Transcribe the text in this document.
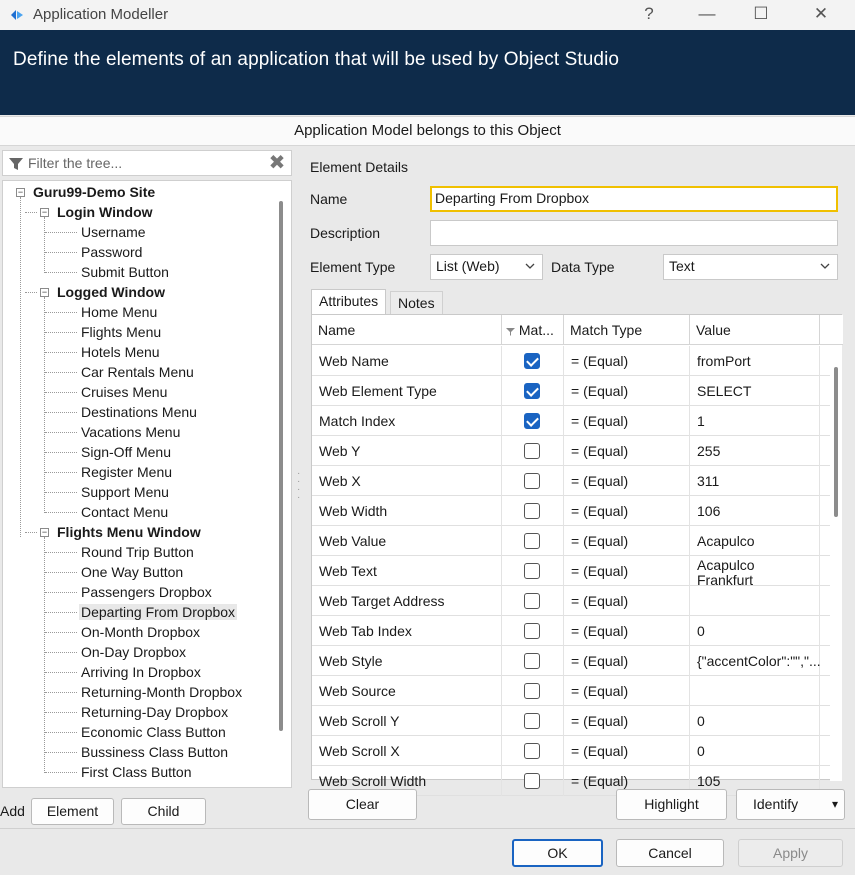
Application Modeller	?	—	☐	✕
Define the elements of an application that will be used by Object Studio
Application Model belongs to this Object
Filter the tree...
✖
− Guru99-Demo Site
− Login Window
Username
Password
Submit Button
− Logged Window
Home Menu
Flights Menu
Hotels Menu
Car Rentals Menu
Cruises Menu
Destinations Menu
Vacations Menu
Sign-Off Menu
Register Menu
Support Menu
Contact Menu
− Flights Menu Window
Round Trip Button
One Way Button
Passengers Dropbox
Departing From Dropbox
On-Month Dropbox
On-Day Dropbox
Arriving In Dropbox
Returning-Month Dropbox
Returning-Day Dropbox
Economic Class Button
Bussiness Class Button
First Class Button
Add	Element	Child
·
·
·
·
Element Details
Name	Departing From Dropbox
Description
Element Type	List (Web)	Data Type	Text
Attributes	Notes
Name	Mat...	Match Type	Value
Web Name	= (Equal)	fromPort
Web Element Type	= (Equal)	SELECT
Match Index	= (Equal)	1
Web Y	= (Equal)	255
Web X	= (Equal)	311
Web Width	= (Equal)	106
Web Value	= (Equal)	Acapulco
Web Text	= (Equal)	Acapulco
Frankfurt
Web Target Address	= (Equal)
Web Tab Index	= (Equal)	0
Web Style	= (Equal)	{"accentColor":"","...
Web Source	= (Equal)
Web Scroll Y	= (Equal)	0
Web Scroll X	= (Equal)	0
Web Scroll Width	= (Equal)	105
Clear	Highlight	Identify	▾
OK	Cancel	Apply
